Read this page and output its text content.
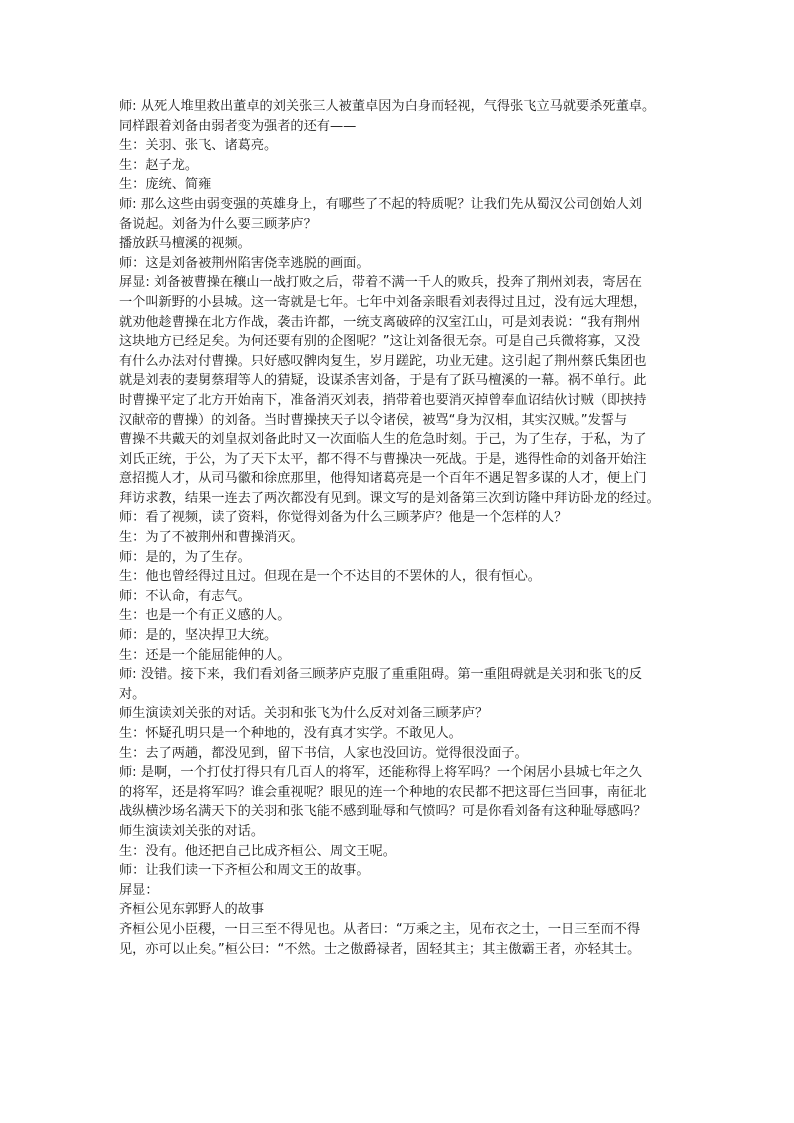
师: 从死人堆里救出董卓的刘关张三人被董卓因为白身而轻视，气得张飞立马就要杀死董卓。
同样跟着刘备由弱者变为强者的还有——
生：关羽、张飞、诸葛亮。
生：赵子龙。
生：庞统、简雍
师: 那么这些由弱变强的英雄身上，有哪些了不起的特质呢？让我们先从蜀汉公司创始人刘
备说起。刘备为什么要三顾茅庐？
播放跃马檀溪的视频。
师：这是刘备被荆州陷害侥幸逃脱的画面。
屏显: 刘备被曹操在穰山一战打败之后，带着不满一千人的败兵，投奔了荆州刘表，寄居在
一个叫新野的小县城。这一寄就是七年。七年中刘备亲眼看刘表得过且过，没有远大理想，
就劝他趁曹操在北方作战，袭击许都，一统支离破碎的汉室江山，可是刘表说：“我有荆州
这块地方已经足矣。为何还要有别的企图呢？”这让刘备很无奈。可是自己兵微将寡，又没
有什么办法对付曹操。只好感叹髀肉复生，岁月蹉跎，功业无建。这引起了荆州蔡氏集团也
就是刘表的妻舅蔡瑁等人的猜疑，设谋杀害刘备，于是有了跃马檀溪的一幕。祸不单行。此
时曹操平定了北方开始南下，准备消灭刘表，捎带着也要消灭掉曾奉血诏结伙讨贼（即挟持
汉献帝的曹操）的刘备。当时曹操挟天子以令诸侯，被骂“身为汉相，其实汉贼。”发誓与
曹操不共戴天的刘皇叔刘备此时又一次面临人生的危急时刻。于己，为了生存，于私，为了
刘氏正统，于公，为了天下太平，都不得不与曹操决一死战。于是，逃得性命的刘备开始注
意招揽人才，从司马徽和徐庶那里，他得知诸葛亮是一个百年不遇足智多谋的人才，便上门
拜访求教，结果一连去了两次都没有见到。课文写的是刘备第三次到访隆中拜访卧龙的经过。
师：看了视频，读了资料，你觉得刘备为什么三顾茅庐？他是一个怎样的人？
生：为了不被荆州和曹操消灭。
师：是的，为了生存。
生：他也曾经得过且过。但现在是一个不达目的不罢休的人，很有恒心。
师：不认命，有志气。
生：也是一个有正义感的人。
师：是的，坚决捍卫大统。
生：还是一个能屈能伸的人。
师: 没错。接下来，我们看刘备三顾茅庐克服了重重阻碍。第一重阻碍就是关羽和张飞的反
对。
师生演读刘关张的对话。关羽和张飞为什么反对刘备三顾茅庐？
生：怀疑孔明只是一个种地的，没有真才实学。不敢见人。
生：去了两趟，都没见到，留下书信，人家也没回访。觉得很没面子。
师: 是啊，一个打仗打得只有几百人的将军，还能称得上将军吗？一个闲居小县城七年之久
的将军，还是将军吗？谁会重视呢？眼见的连一个种地的农民都不把这哥仨当回事，南征北
战纵横沙场名满天下的关羽和张飞能不感到耻辱和气愤吗？可是你看刘备有这种耻辱感吗？
师生演读刘关张的对话。
生：没有。他还把自己比成齐桓公、周文王呢。
师：让我们读一下齐桓公和周文王的故事。
屏显：
齐桓公见东郭野人的故事
齐桓公见小臣稷，一日三至不得见也。从者曰：“万乘之主，见布衣之士，一日三至而不得
见，亦可以止矣。”桓公曰：“不然。士之傲爵禄者，固轻其主；其主傲霸王者，亦轻其士。
